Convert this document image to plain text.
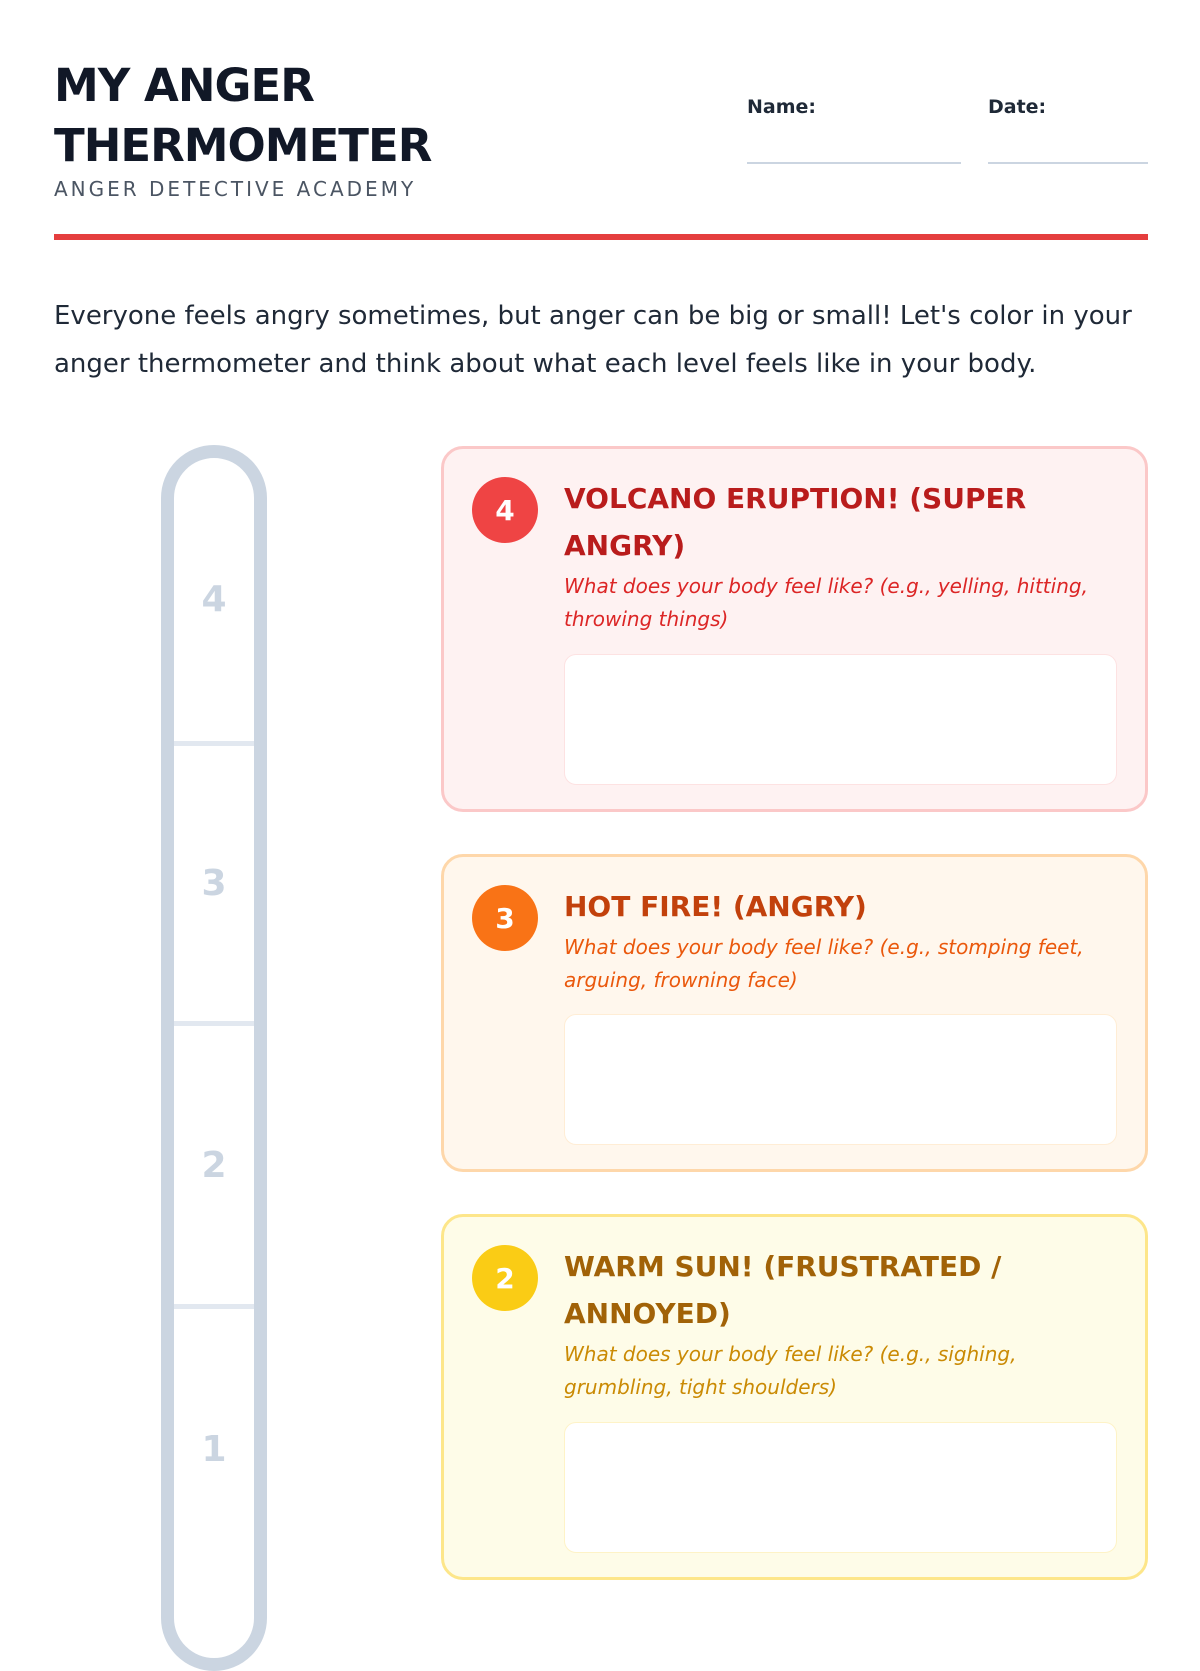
MY ANGER THERMOMETER
ANGER DETECTIVE ACADEMY
Name:	Date:

Everyone feels angry sometimes, but anger can be big or small! Let's color in your anger thermometer and think about what each level feels like in your body.

4
3
2
1
4	VOLCANO ERUPTION! (SUPER ANGRY)

What does your body feel like? (e.g., yelling, hitting, throwing things)

3	HOT FIRE! (ANGRY)

What does your body feel like? (e.g., stomping feet, arguing, frowning face)

2	WARM SUN! (FRUSTRATED / ANNOYED)

What does your body feel like? (e.g., sighing, grumbling, tight shoulders)
